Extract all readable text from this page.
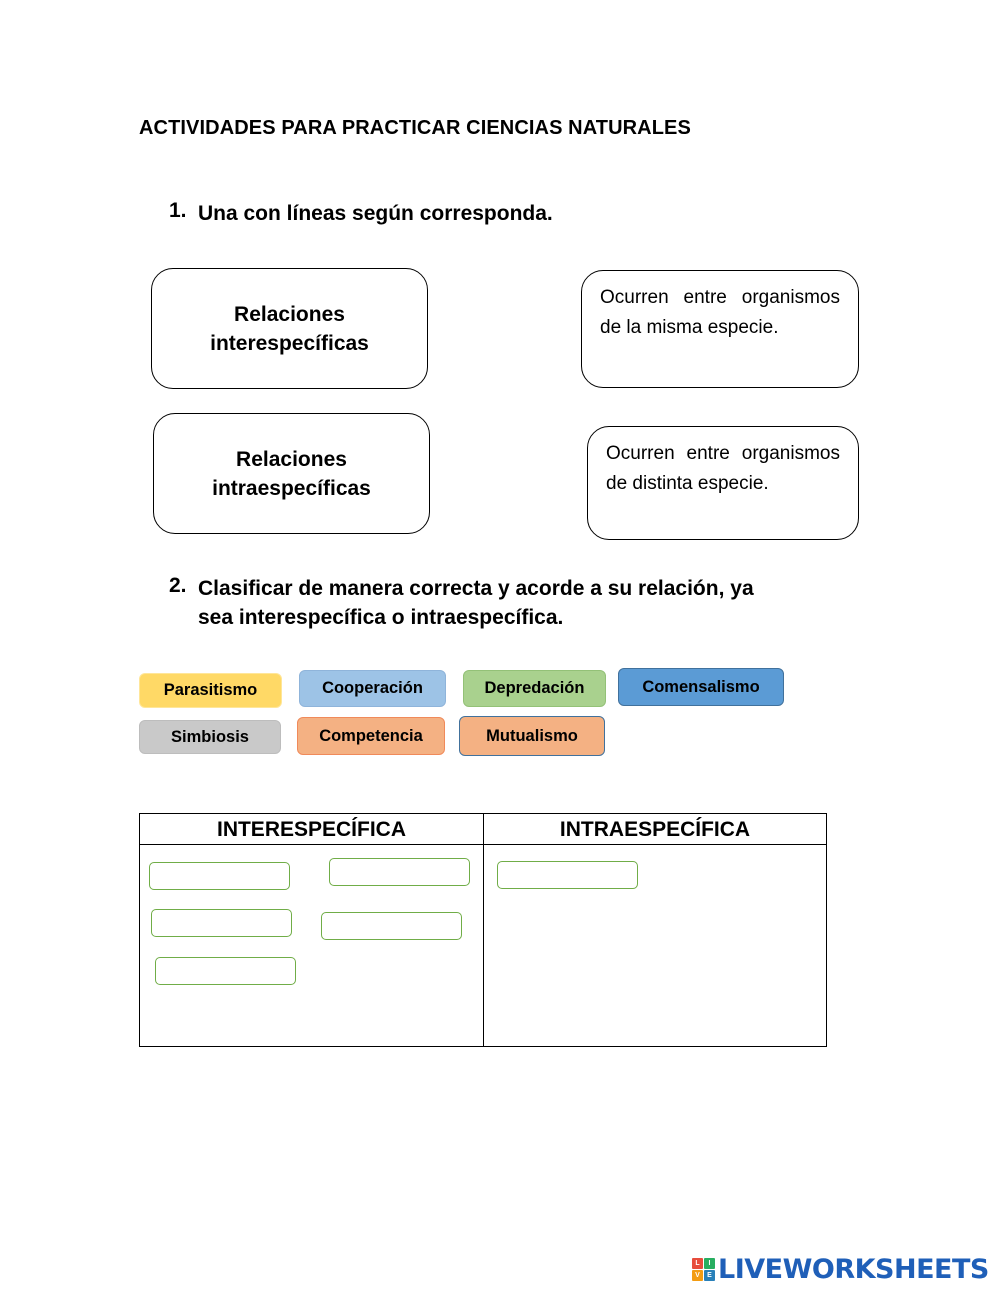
ACTIVIDADES PARA PRACTICAR CIENCIAS NATURALES
1. Una con líneas según corresponda.
Relaciones interespecíficas
Relaciones intraespecíficas
Ocurren entre organismos de la misma especie.
Ocurren entre organismos de distinta especie.
2. Clasificar de manera correcta y acorde a su relación, ya
sea interespecífica o intraespecífica.
Parasitismo	Cooperación	Depredación	Comensalismo
Simbiosis	Competencia	Mutualismo
INTERESPECÍFICA	INTRAESPECÍFICA
L	I
V	E LIVEWORKSHEETS
